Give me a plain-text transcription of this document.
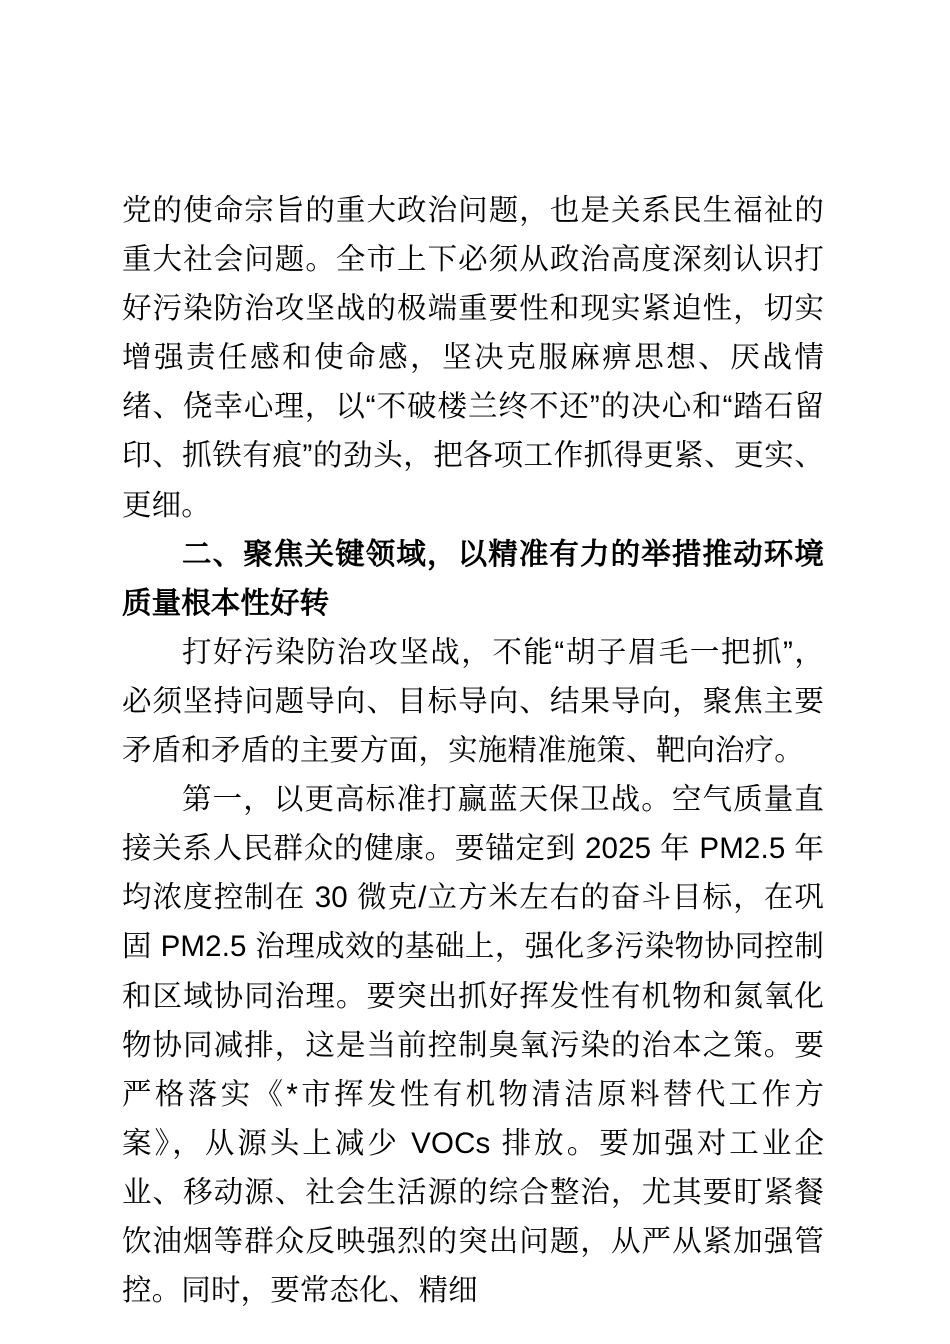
党的使命宗旨的重大政治问题，也是关系民生福祉的重大社会问题。全市上下必须从政治高度深刻认识打好污染防治攻坚战的极端重要性和现实紧迫性，切实增强责任感和使命感，坚决克服麻痹思想、厌战情绪、侥幸心理，以“不破楼兰终不还”的决心和“踏石留印、抓铁有痕”的劲头，把各项工作抓得更紧、更实、更细。

二、聚焦关键领域，以精准有力的举措推动环境质量根本性好转

打好污染防治攻坚战，不能“胡子眉毛一把抓”，必须坚持问题导向、目标导向、结果导向，聚焦主要矛盾和矛盾的主要方面，实施精准施策、靶向治疗。

第一，以更高标准打赢蓝天保卫战。空气质量直接关系人民群众的健康。要锚定到 2025 年 PM2.5 年均浓度控制在 30 微克/立方米左右的奋斗目标，在巩固 PM2.5 治理成效的基础上，强化多污染物协同控制和区域协同治理。要突出抓好挥发性有机物和氮氧化物协同减排，这是当前控制臭氧污染的治本之策。要严格落实《*市挥发性有机物清洁原料替代工作方案》，从源头上减少 VOCs 排放。要加强对工业企业、移动源、社会生活源的综合整治，尤其要盯紧餐饮油烟等群众反映强烈的突出问题，从严从紧加强管控。同时，要常态化、精细
